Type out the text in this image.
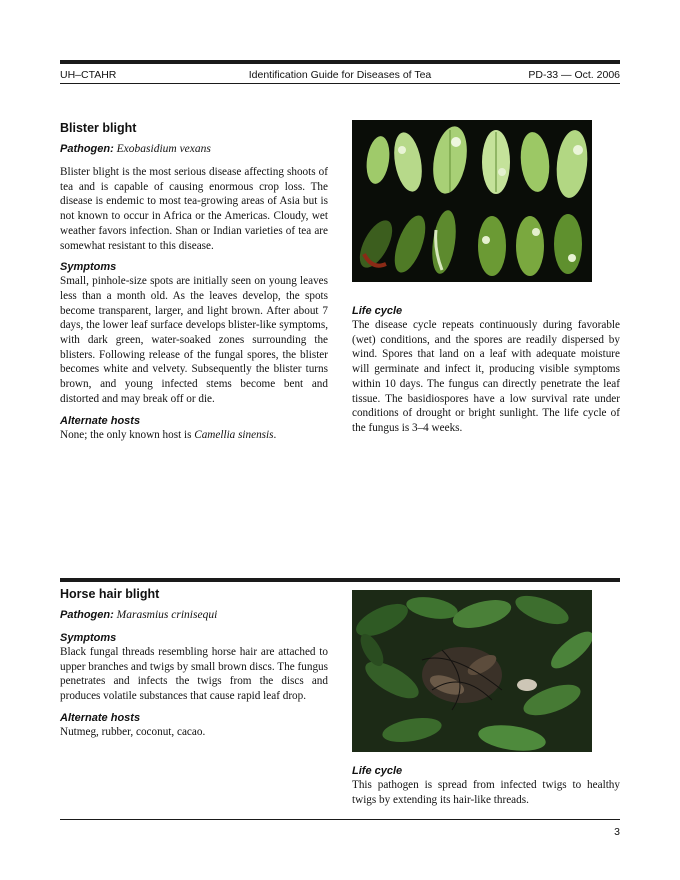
UH–CTAHR	Identification Guide for Diseases of Tea	PD-33 — Oct. 2006
Blister blight

Pathogen: Exobasidium vexans

Blister blight is the most serious disease affecting shoots of tea and is capable of causing enormous crop loss. The disease is endemic to most tea-growing areas of Asia but is not known to occur in Africa or the Americas. Cloudy, wet weather favors infection. Shan or Indian varieties of tea are somewhat resistant to this disease.

Symptoms

Small, pinhole-size spots are initially seen on young leaves less than a month old. As the leaves develop, the spots become transparent, larger, and light brown. After about 7 days, the lower leaf surface develops blister-like symptoms, with dark green, water-soaked zones surrounding the blisters. Following release of the fungal spores, the blister becomes white and velvety. Subsequently the blister turns brown, and young infected stems become bent and distorted and may break off or die.

Alternate hosts

None; the only known host is Camellia sinensis.

Life cycle

The disease cycle repeats continuously during favorable (wet) conditions, and the spores are readily dispersed by wind. Spores that land on a leaf with adequate moisture will germinate and infect it, producing visible symptoms within 10 days. The fungus can directly penetrate the leaf tissue. The basidiospores have a low survival rate under conditions of drought or bright sunlight. The life cycle of the fungus is 3–4 weeks.

Horse hair blight

Pathogen: Marasmius crinisequi

Symptoms

Black fungal threads resembling horse hair are attached to upper branches and twigs by small brown discs. The fungus penetrates and infects the twigs from the discs and produces volatile substances that cause rapid leaf drop.

Alternate hosts

Nutmeg, rubber, coconut, cacao.

Life cycle

This pathogen is spread from infected twigs to healthy twigs by extending its hair-like threads.

3
